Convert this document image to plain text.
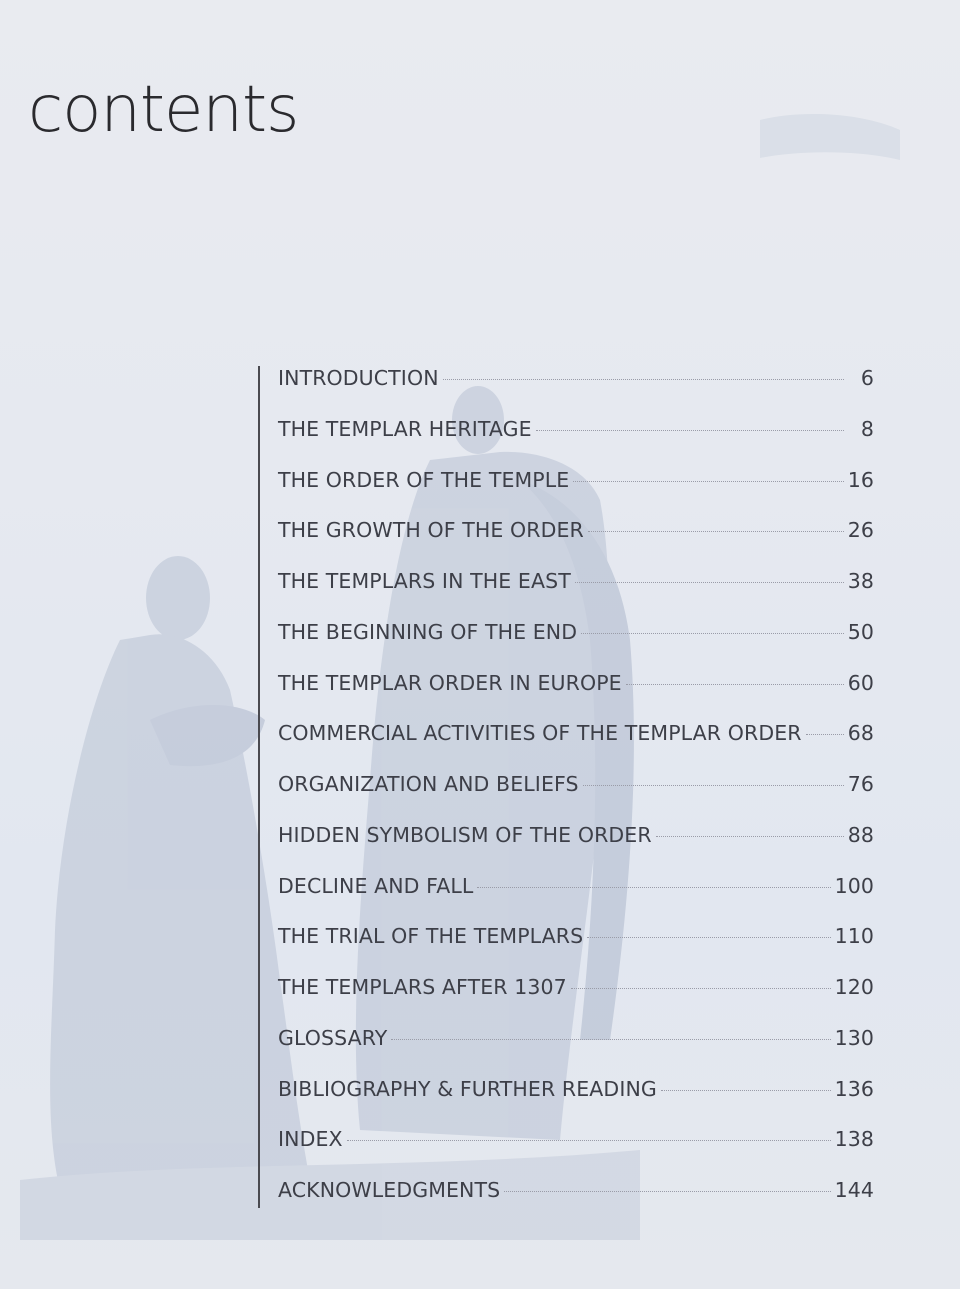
contents
INTRODUCTION	6
THE TEMPLAR HERITAGE	8
THE ORDER OF THE TEMPLE	16
THE GROWTH OF THE ORDER	26
THE TEMPLARS IN THE EAST	38
THE BEGINNING OF THE END	50
THE TEMPLAR ORDER IN EUROPE	60
COMMERCIAL ACTIVITIES OF THE TEMPLAR ORDER 68
ORGANIZATION AND BELIEFS	76
HIDDEN SYMBOLISM OF THE ORDER	88
DECLINE AND FALL	100
THE TRIAL OF THE TEMPLARS	110
THE TEMPLARS AFTER 1307	120
GLOSSARY	130
BIBLIOGRAPHY & FURTHER READING	136
INDEX	138
ACKNOWLEDGMENTS	144
